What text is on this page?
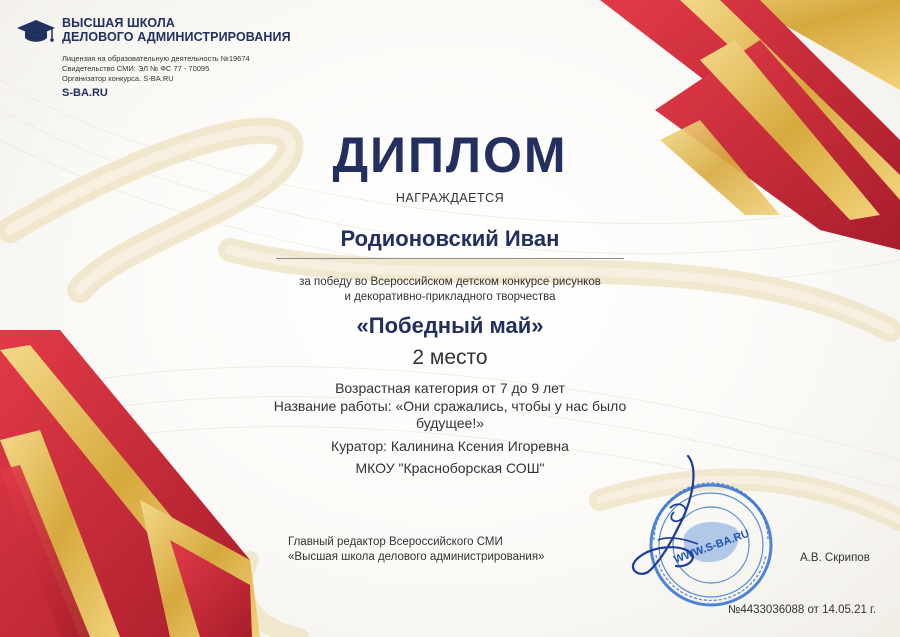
ВЫСШАЯ ШКОЛА
ДЕЛОВОГО АДМИНИСТРИРОВАНИЯ
Лицензия на образовательную деятельность №19674
Свидетельство СМИ: ЭЛ № ФС 77 - 70095
Организатор конкурса. S-BA.RU
S-BA.RU
ДИПЛОМ
НАГРАЖДАЕТСЯ
Родионовский Иван
за победу во Всероссийском детском конкурсе рисунков
и декоративно-прикладного творчества
«Победный май»
2 место
Возрастная категория от 7 до 9 лет
Название работы: «Они сражались, чтобы у нас было будущее!»
Куратор: Калинина Ксения Игоревна
МКОУ "Красноборская СОШ"
Главный редактор Всероссийского СМИ
«Высшая школа делового администрирования»	WWW.S-BA.RU	А.В. Скрипов
№4433036088 от 14.05.21 г.
